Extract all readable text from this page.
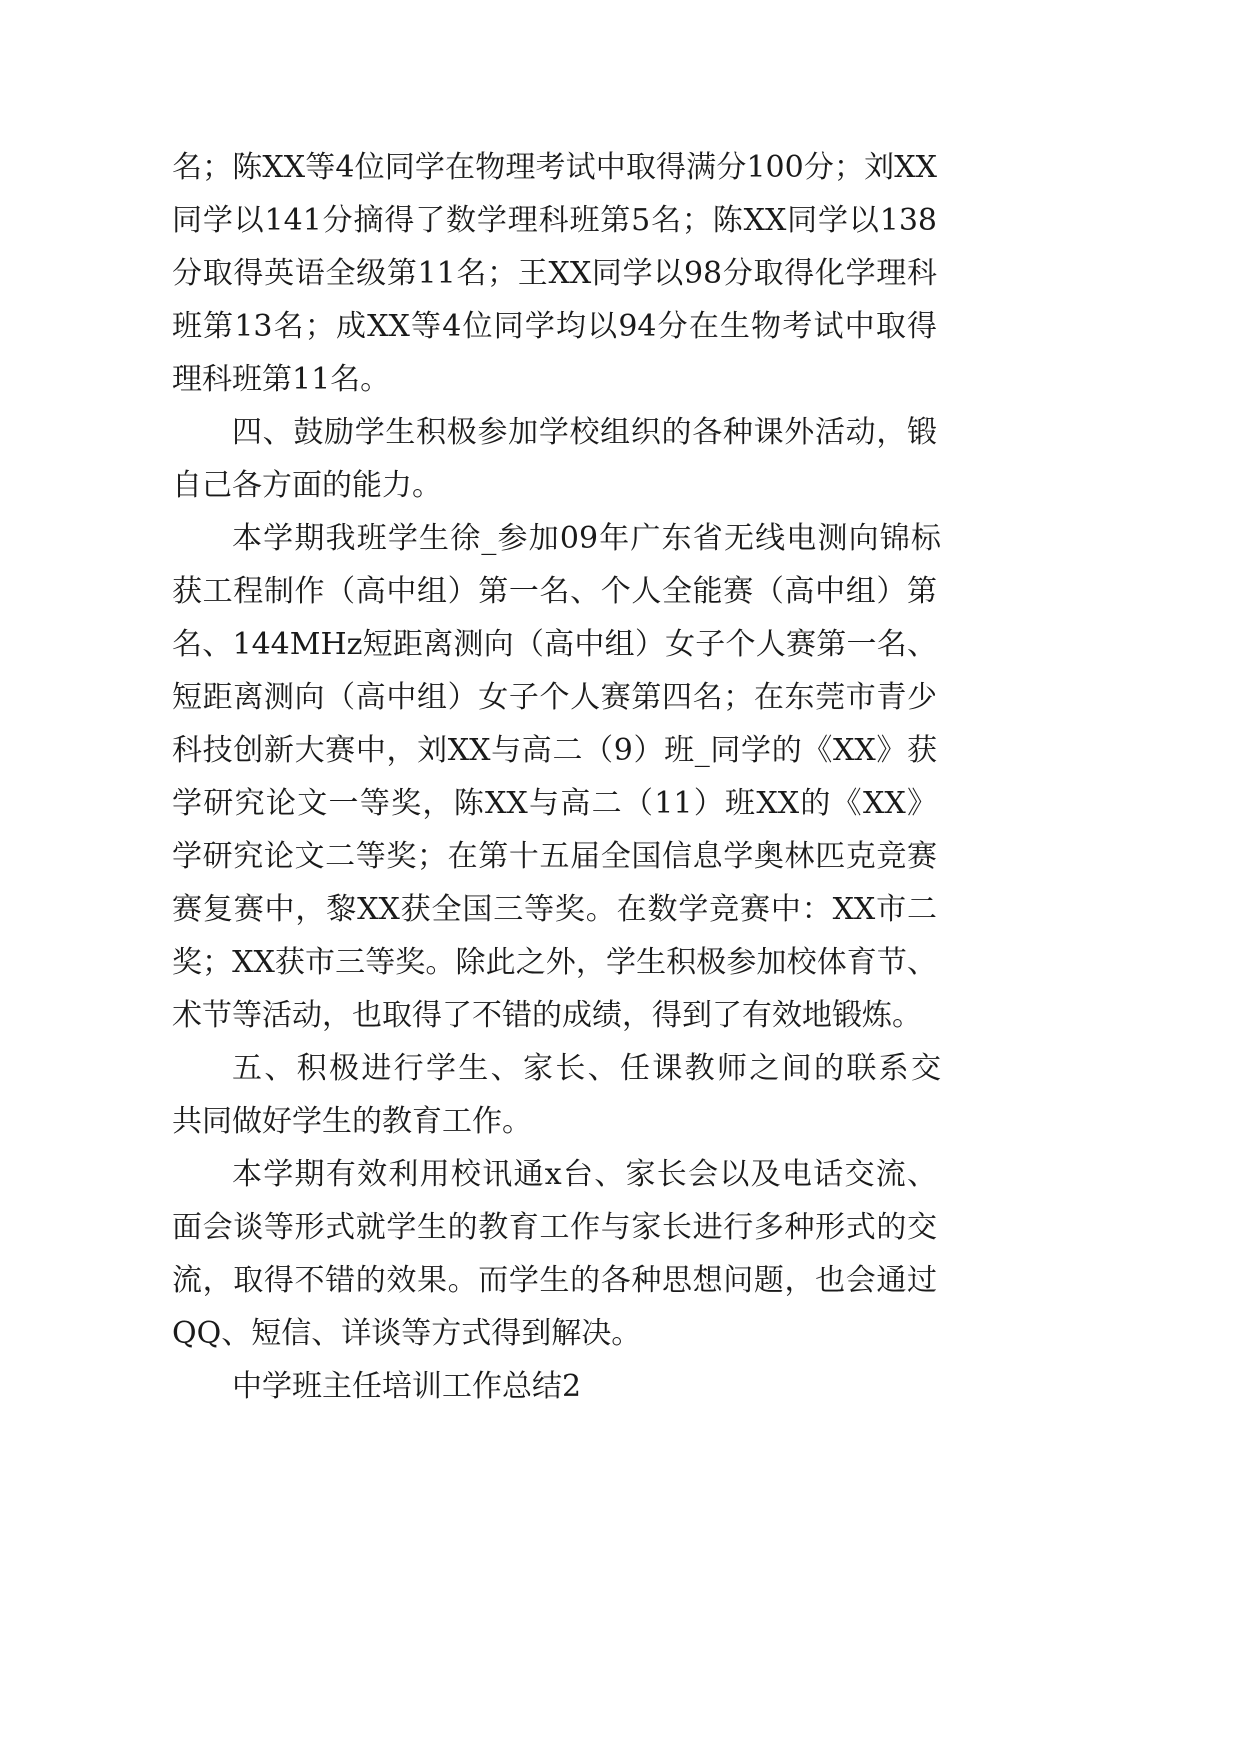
名；陈XX等4位同学在物理考试中取得满分100分；刘XX

同学以141分摘得了数学理科班第5名；陈XX同学以138

分取得英语全级第11名；王XX同学以98分取得化学理科

班第13名；成XX等4位同学均以94分在生物考试中取得

理科班第11名。

四、鼓励学生积极参加学校组织的各种课外活动，锻

自己各方面的能力。

本学期我班学生徐_参加09年广东省无线电测向锦标

获工程制作（高中组）第一名、个人全能赛（高中组）第

名、144MHz短距离测向（高中组）女子个人赛第一名、

短距离测向（高中组）女子个人赛第四名；在东莞市青少

科技创新大赛中，刘XX与高二（9）班_同学的《XX》获

学研究论文一等奖，陈XX与高二（11）班XX的《XX》

学研究论文二等奖；在第十五届全国信息学奥林匹克竞赛

赛复赛中，黎XX获全国三等奖。在数学竞赛中：XX市二

奖；XX获市三等奖。除此之外，学生积极参加校体育节、

术节等活动，也取得了不错的成绩，得到了有效地锻炼。

五、积极进行学生、家长、任课教师之间的联系交

共同做好学生的教育工作。

本学期有效利用校讯通x台、家长会以及电话交流、

面会谈等形式就学生的教育工作与家长进行多种形式的交

流，取得不错的效果。而学生的各种思想问题，也会通过

QQ、短信、详谈等方式得到解决。

中学班主任培训工作总结2
